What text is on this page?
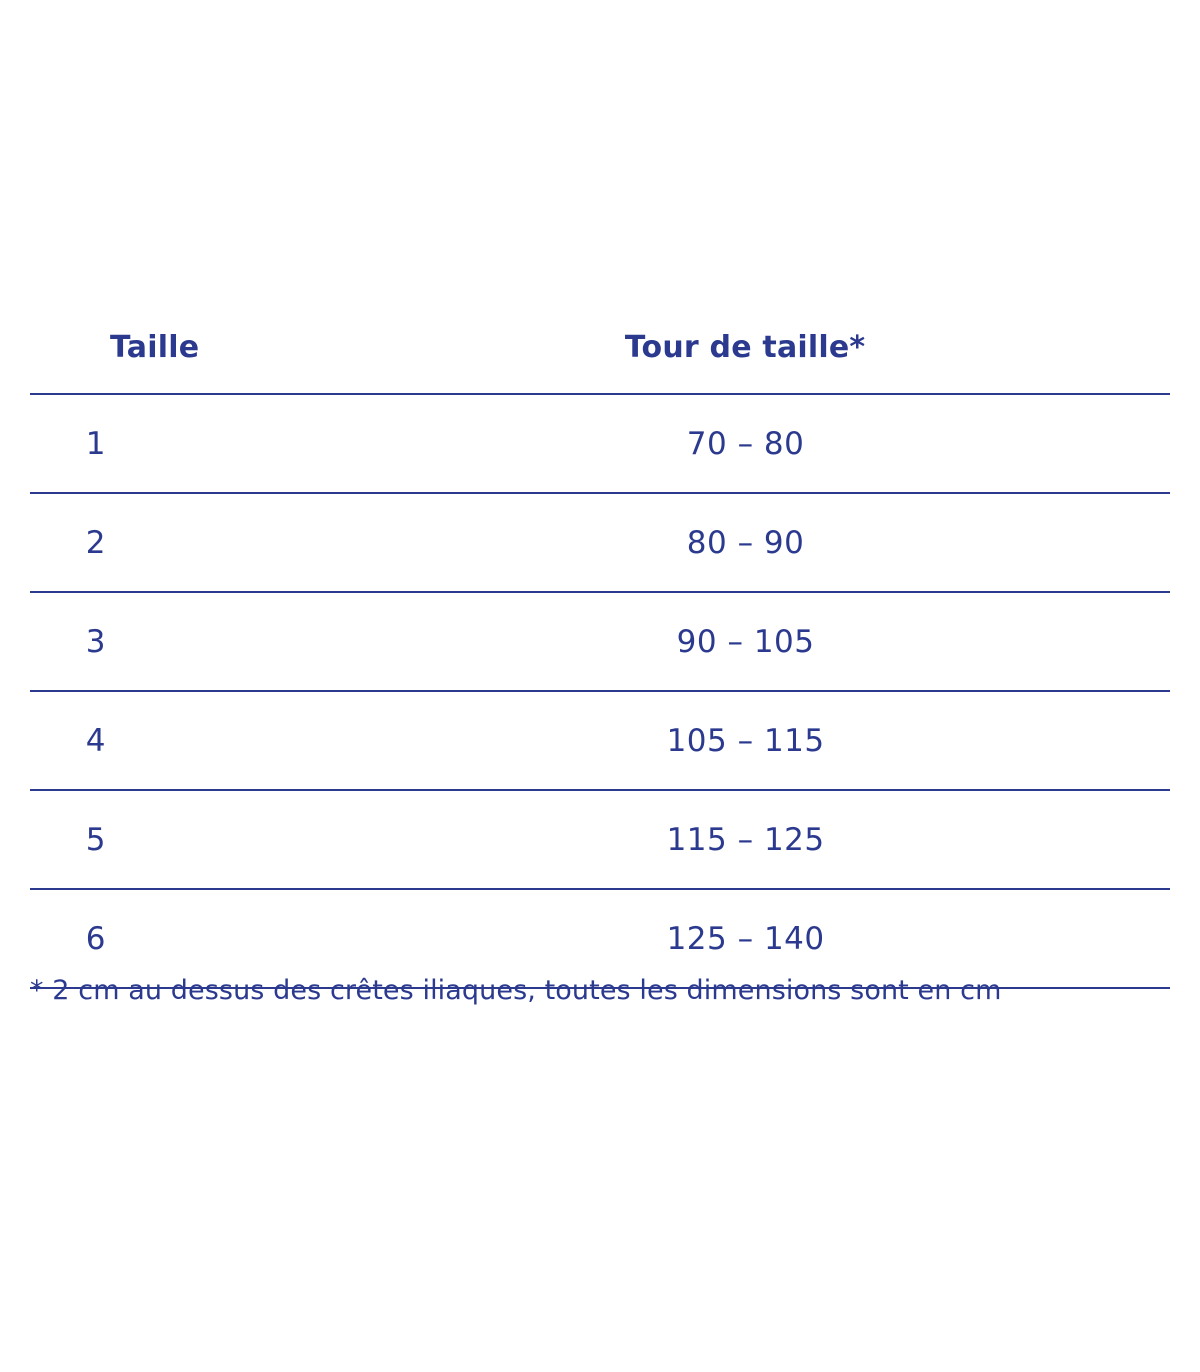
Taille	Tour de taille*
1	70 – 80
2	80 – 90
3	90 – 105
4	105 – 115
5	115 – 125
6	125 – 140
* 2 cm au dessus des crêtes iliaques, toutes les dimensions sont en cm
